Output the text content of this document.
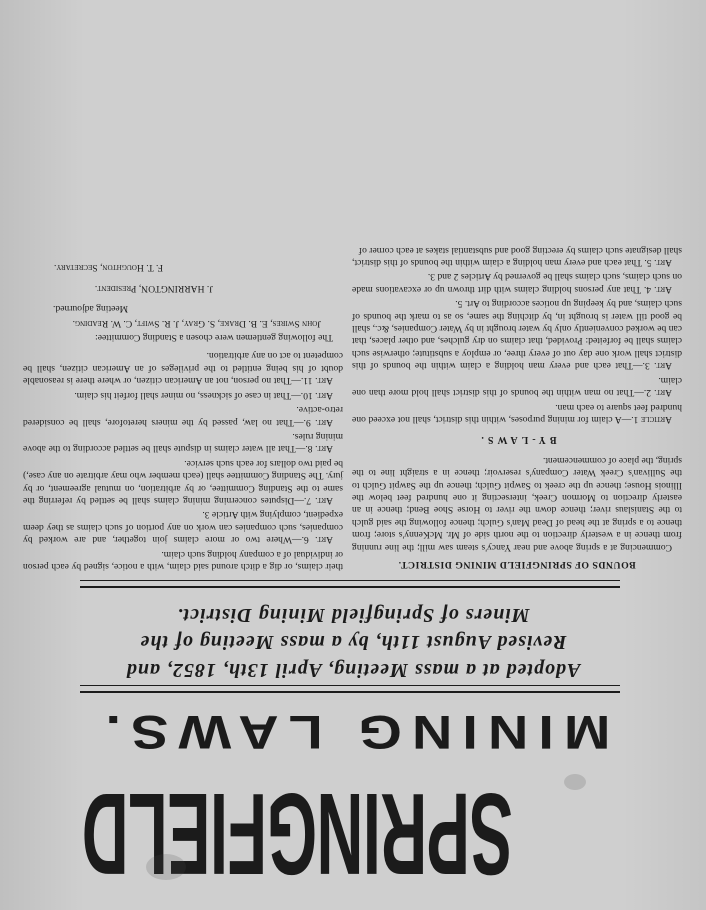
SPRINGFIELD
MINING LAWS.
Adopted at a mass Meeting, April 13th, 1852, and
Revised August 11th, by a mass Meeting of the
Miners of Springfield Mining District.
BOUNDS OF SPRINGFIELD MINING DISTRICT.

Commencing at a spring above and near Yancy's steam saw mill; the line running from thence in a westerly direction to the north side of Mr. McKenny's store; from thence to a spring at the head of Dead Man's Gulch; thence following the said gulch to the Stanislaus river; thence down the river to Horse Shoe Bend; thence in an easterly direction to Mormon Creek, intersecting it one hundred feet below the Illinois House; thence up the creek to Sawpit Gulch; thence up the Sawpit Gulch to the Sullivan's Creek Water Company's reservoir; thence in a straight line to the spring, the place of commencement.

BY-LAWS.

Article 1.—A claim for mining purposes, within this district, shall not exceed one hundred feet square to each man.

Art. 2.—That no man within the bounds of this district shall hold more than one claim.

Art. 3.—That each and every man holding a claim within the bounds of this district shall work one day out of every three, or employ a substitute; otherwise such claims shall be forfeited: Provided, that claims on dry gulches, and other places, that can be worked conveniently only by water brought in by Water Companies, &c., shall be good till water is brought in, by ditching the same, so as to mark the bounds of such claims, and by keeping up notices according to Art. 5.

Art. 4. That any persons holding claims with dirt thrown up or excavations made on such claims, such claims shall be governed by Articles 2 and 3.

Art. 5. That each and every man holding a claim within the bounds of this district, shall designate such claims by erecting good and substantial stakes at each corner of

their claims, or dig a ditch around said claim, with a notice, signed by each person or individual of a company holding such claim.

Art. 6.—Where two or more claims join together, and are worked by companies, such companies can work on any portion of such claims as they deem expedient, complying with Article 3.

Art. 7.—Disputes concerning mining claims shall be settled by referring the same to the Standing Committee, or by arbitration, on mutual agreement, or by jury. The Standing Committee shall (each member who may arbitrate on any case,) be paid two dollars for each such service.

Art. 8.—That all water claims in dispute shall be settled according to the above mining rules.

Art. 9.—That no law, passed by the miners heretofore, shall be considered retro-active.

Art. 10.—That in case of sickness, no miner shall forfeit his claim.

Art. 11.—That no person, not an American citizen, or where there is reasonable doubt of his being entitled to the privileges of an American citizen, shall be competent to act on any arbitration.

The following gentlemen were chosen a Standing Committee:

John Swires, E. B. Drake, S. Gray, J. R. Swift, C. W. Reading.

Meeting adjourned.

J. HARRINGTON, President.

F. T. Houghton, Secretary.
